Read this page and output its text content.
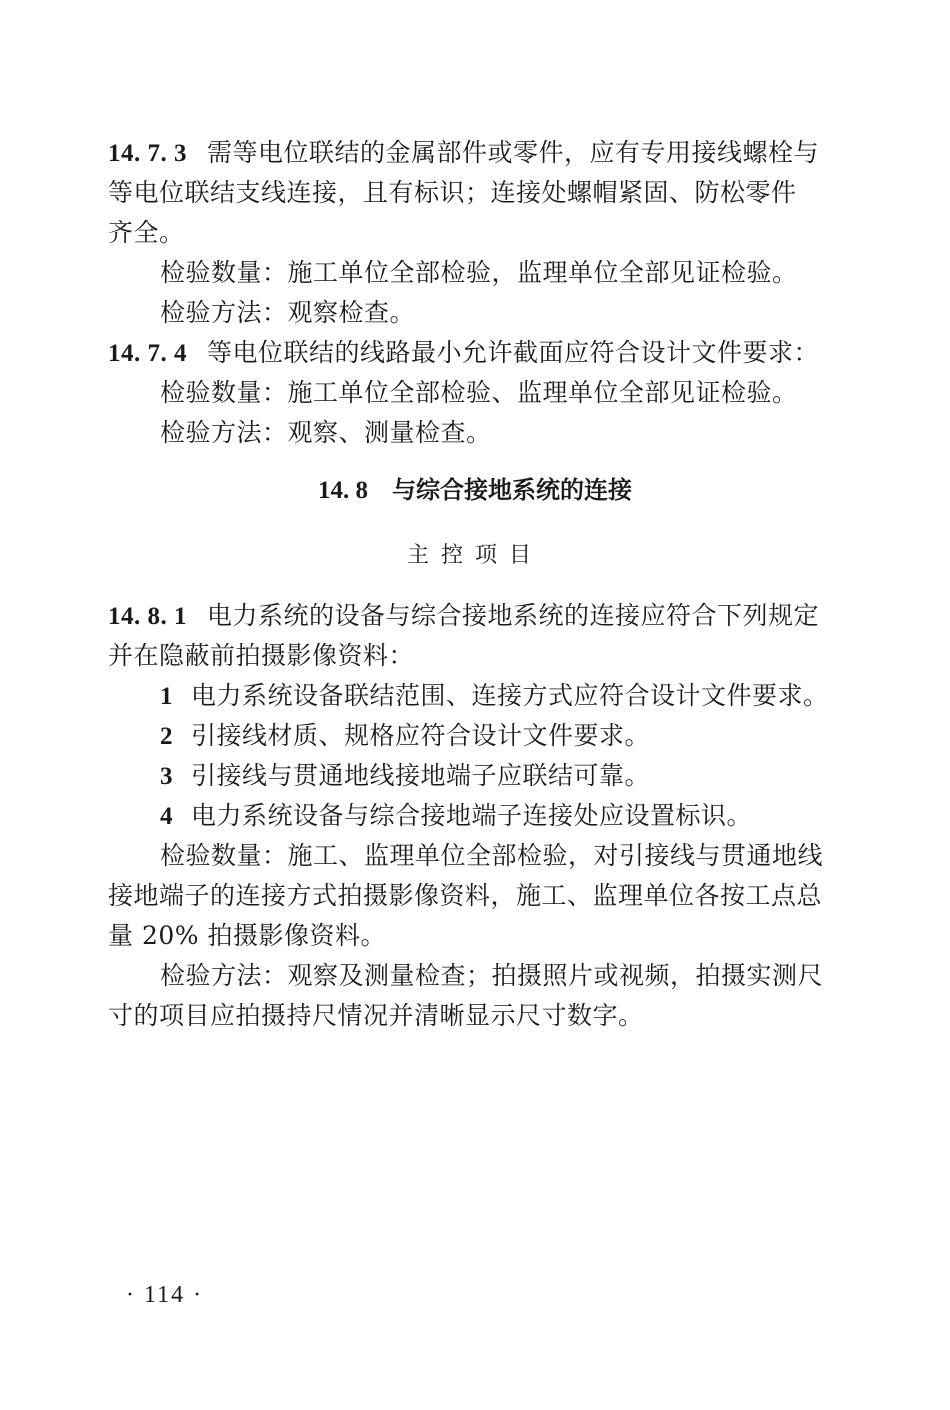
14. 7. 3 需等电位联结的金属部件或零件，应有专用接线螺栓与
等电位联结支线连接，且有标识；连接处螺帽紧固、防松零件
齐全。
检验数量：施工单位全部检验，监理单位全部见证检验。
检验方法：观察检查。
14. 7. 4 等电位联结的线路最小允许截面应符合设计文件要求：
检验数量：施工单位全部检验、监理单位全部见证检验。
检验方法：观察、测量检查。
14. 8 与综合接地系统的连接
主控项目
14. 8. 1 电力系统的设备与综合接地系统的连接应符合下列规定
并在隐蔽前拍摄影像资料：
1 电力系统设备联结范围、连接方式应符合设计文件要求。
2 引接线材质、规格应符合设计文件要求。
3 引接线与贯通地线接地端子应联结可靠。
4 电力系统设备与综合接地端子连接处应设置标识。
检验数量：施工、监理单位全部检验，对引接线与贯通地线
接地端子的连接方式拍摄影像资料，施工、监理单位各按工点总
量 20% 拍摄影像资料。
检验方法：观察及测量检查；拍摄照片或视频，拍摄实测尺
寸的项目应拍摄持尺情况并清晰显示尺寸数字。
· 114 ·
